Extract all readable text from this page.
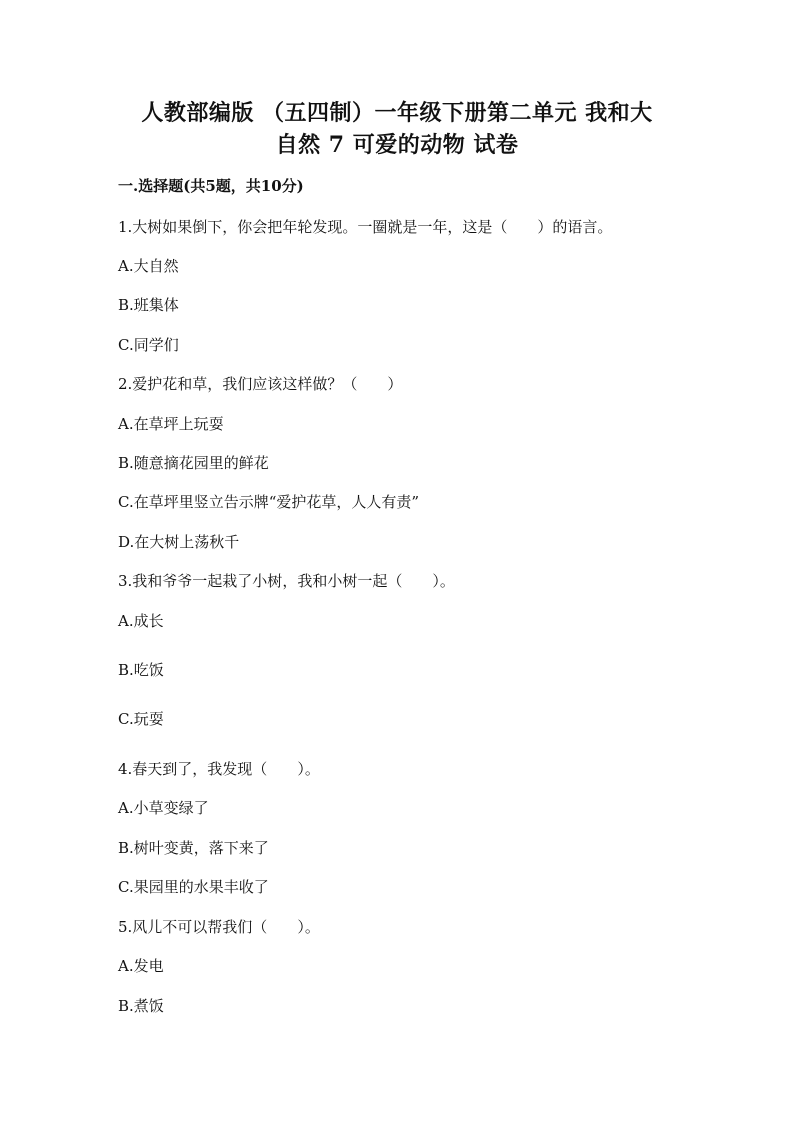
人教部编版 （五四制）一年级下册第二单元 我和大
自然 7 可爱的动物 试卷
一.选择题(共5题，共10分)
1.大树如果倒下，你会把年轮发现。一圈就是一年，这是（　　）的语言。
A.大自然
B.班集体
C.同学们
2.爱护花和草，我们应该这样做？（　　）
A.在草坪上玩耍
B.随意摘花园里的鲜花
C.在草坪里竖立告示牌“爱护花草，人人有责”
D.在大树上荡秋千
3.我和爷爷一起栽了小树，我和小树一起（　　）。
A.成长
B.吃饭
C.玩耍
4.春天到了，我发现（　　）。
A.小草变绿了
B.树叶变黄，落下来了
C.果园里的水果丰收了
5.风儿不可以帮我们（　　）。
A.发电
B.煮饭
